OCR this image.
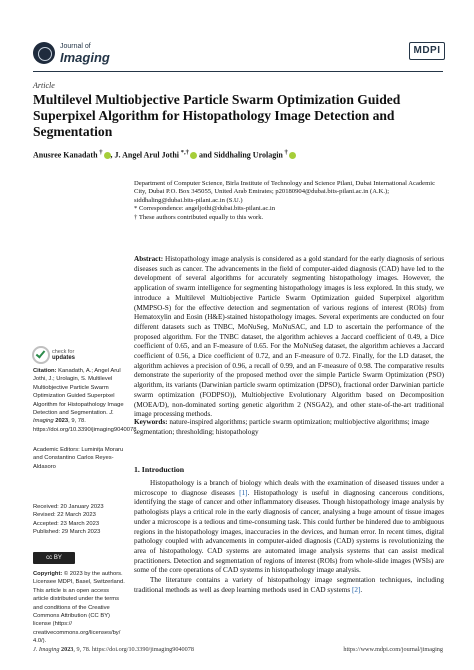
Journal of
Imaging	MDPI
Article
Multilevel Multiobjective Particle Swarm Optimization Guided Superpixel Algorithm for Histopathology Image Detection and Segmentation
Anusree Kanadath † , J. Angel Arul Jothi *,† and Siddhaling Urolagin †

Department of Computer Science, Birla Institute of Technology and Science Pilani, Dubai International Academic City, Dubai P.O. Box 345055, United Arab Emirates; p20180904@dubai.bits-pilani.ac.in (A.K.); siddhaling@dubai.bits-pilani.ac.in (S.U.)

* Correspondence: angeljothi@dubai.bits-pilani.ac.in

† These authors contributed equally to this work.

Abstract: Histopathology image analysis is considered as a gold standard for the early diagnosis of serious diseases such as cancer. The advancements in the field of computer-aided diagnosis (CAD) have led to the development of several algorithms for accurately segmenting histopathology images. However, the application of swarm intelligence for segmenting histopathology images is less explored. In this study, we introduce a Multilevel Multiobjective Particle Swarm Optimization guided Superpixel algorithm (MMPSO-S) for the effective detection and segmentation of various regions of interest (ROIs) from Hematoxylin and Eosin (H&E)-stained histopathology images. Several experiments are conducted on four different datasets such as TNBC, MoNuSeg, MoNuSAC, and LD to ascertain the performance of the proposed algorithm. For the TNBC dataset, the algorithm achieves a Jaccard coefficient of 0.49, a Dice coefficient of 0.65, and an F-measure of 0.65. For the MoNuSeg dataset, the algorithm achieves a Jaccard coefficient of 0.56, a Dice coefficient of 0.72, and an F-measure of 0.72. Finally, for the LD dataset, the algorithm achieves a precision of 0.96, a recall of 0.99, and an F-measure of 0.98. The comparative results demonstrate the superiority of the proposed method over the simple Particle Swarm Optimization (PSO) algorithm, its variants (Darwinian particle swarm optimization (DPSO), fractional order Darwinian particle swarm optimization (FODPSO)), Multiobjective Evolutionary Algorithm based on Decomposition (MOEA/D), non-dominated sorting genetic algorithm 2 (NSGA2), and other state-of-the-art traditional image processing methods.
Keywords: nature-inspired algorithms; particle swarm optimization; multiobjective algorithms; image segmentation; thresholding; histopathology
check for
updates

Citation: Kanadath, A.; Angel Arul Jothi, J.; Urolagin, S. Multilevel Multiobjective Particle Swarm Optimization Guided Superpixel Algorithm for Histopathology Image Detection and Segmentation. J. Imaging 2023, 9, 78. https://doi.org/10.3390/jimaging9040078

Academic Editors: Luminița Moraru and Constantino Carlos Reyes-Aldasoro

Received: 20 January 2023

Revised: 22 March 2023

Accepted: 23 March 2023

Published: 29 March 2023

cc BY

Copyright: © 2023 by the authors. Licensee MDPI, Basel, Switzerland. This article is an open access article distributed under the terms and conditions of the Creative Commons Attribution (CC BY) license (https:// creativecommons.org/licenses/by/ 4.0/).

1. Introduction

Histopathology is a branch of biology which deals with the examination of diseased tissues under a microscope to diagnose diseases [1]. Histopathology is useful in diagnosing cancerous conditions, identifying the stage of cancer and other inflammatory diseases. Though histopathology image analysis by pathologists plays a critical role in the early diagnosis of cancer, analysing a huge amount of tissue images under a microscope is a tedious and time-consuming task. This could further be hindered due to ambiguous regions in the histopathology images, inaccuracies in the devices, and human error. In recent times, digital pathology coupled with advancements in computer-aided diagnosis (CAD) systems is revolutionizing the area of histopathology. CAD systems are automated image analysis systems that can assist medical practitioners. Detection and segmentation of regions of interest (ROIs) from whole-slide images (WSIs) are some of the core operations of CAD systems in histopathology image analysis.

The literature contains a variety of histopathology image segmentation techniques, including traditional methods as well as deep learning methods used in CAD systems [2].

J. Imaging 2023, 9, 78. https://doi.org/10.3390/jimaging9040078	https://www.mdpi.com/journal/jimaging
